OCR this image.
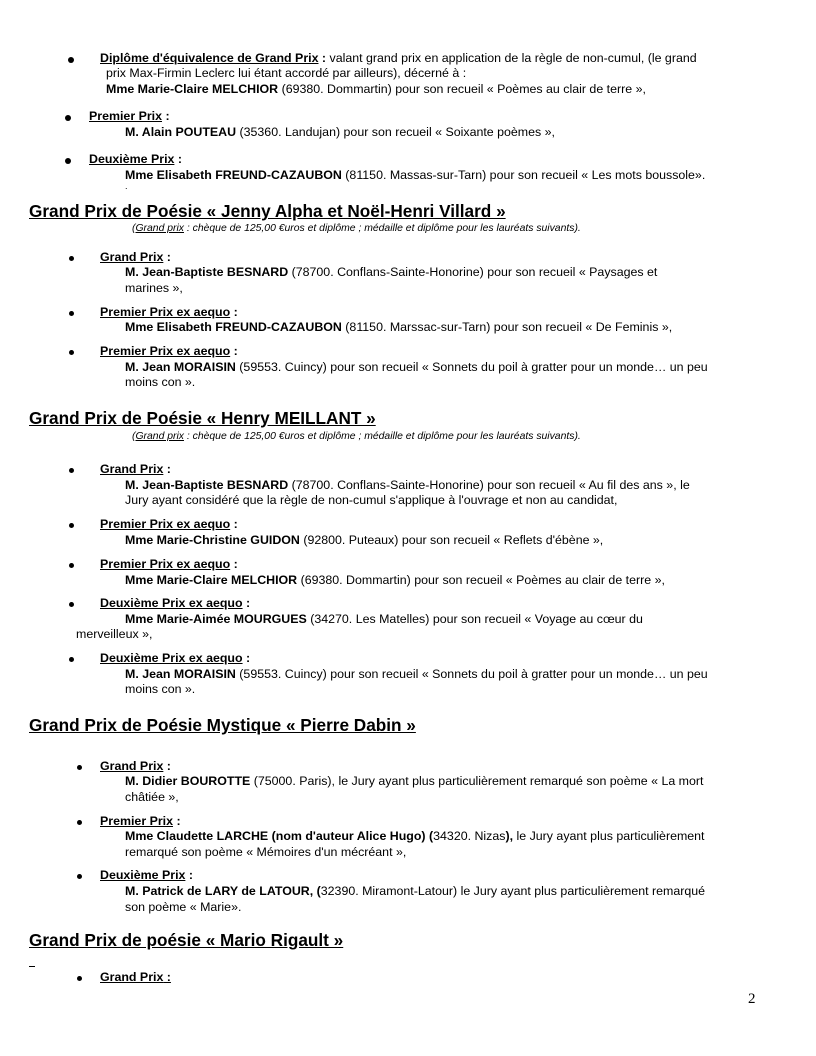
Diplôme d'équivalence de Grand Prix : valant grand prix en application de la règle de non-cumul, (le grand
prix Max-Firmin Leclerc lui étant accordé par ailleurs), décerné à :
Mme Marie-Claire MELCHIOR (69380. Dommartin) pour son recueil « Poèmes au clair de terre »,
Premier Prix :
M. Alain POUTEAU (35360. Landujan) pour son recueil « Soixante poèmes »,
Deuxième Prix :
Mme Elisabeth FREUND-CAZAUBON (81150. Massas-sur-Tarn) pour son recueil « Les mots boussole».
.
Grand Prix de Poésie « Jenny Alpha et Noël-Henri Villard »
(Grand prix : chèque de 125,00 €uros et diplôme ; médaille et diplôme pour les lauréats suivants).
Grand Prix :
M. Jean-Baptiste BESNARD (78700. Conflans-Sainte-Honorine) pour son recueil « Paysages et
marines »,
Premier Prix ex aequo :
Mme Elisabeth FREUND-CAZAUBON (81150. Marssac-sur-Tarn) pour son recueil « De Feminis »,
Premier Prix ex aequo :
M. Jean MORAISIN (59553. Cuincy) pour son recueil « Sonnets du poil à gratter pour un monde… un peu
moins con ».
Grand Prix de Poésie « Henry MEILLANT »
(Grand prix : chèque de 125,00 €uros et diplôme ; médaille et diplôme pour les lauréats suivants).
Grand Prix :
M. Jean-Baptiste BESNARD (78700. Conflans-Sainte-Honorine) pour son recueil « Au fil des ans », le
Jury ayant considéré que la règle de non-cumul s'applique à l'ouvrage et non au candidat,
Premier Prix ex aequo :
Mme Marie-Christine GUIDON (92800. Puteaux) pour son recueil « Reflets d'ébène »,
Premier Prix ex aequo :
Mme Marie-Claire MELCHIOR (69380. Dommartin) pour son recueil « Poèmes au clair de terre »,
Deuxième Prix ex aequo :
Mme Marie-Aimée MOURGUES (34270. Les Matelles) pour son recueil « Voyage au cœur du
merveilleux »,
Deuxième Prix ex aequo :
M. Jean MORAISIN (59553. Cuincy) pour son recueil « Sonnets du poil à gratter pour un monde… un peu
moins con ».
Grand Prix de Poésie Mystique « Pierre Dabin »
Grand Prix :
M. Didier BOUROTTE (75000. Paris), le Jury ayant plus particulièrement remarqué son poème « La mort
châtiée »,
Premier Prix :
Mme Claudette LARCHE (nom d'auteur Alice Hugo) (34320. Nizas), le Jury ayant plus particulièrement
remarqué son poème « Mémoires d'un mécréant »,
Deuxième Prix :
M. Patrick de LARY de LATOUR, (32390. Miramont-Latour) le Jury ayant plus particulièrement remarqué
son poème « Marie».
Grand Prix de poésie « Mario Rigault »
Grand Prix :
2
